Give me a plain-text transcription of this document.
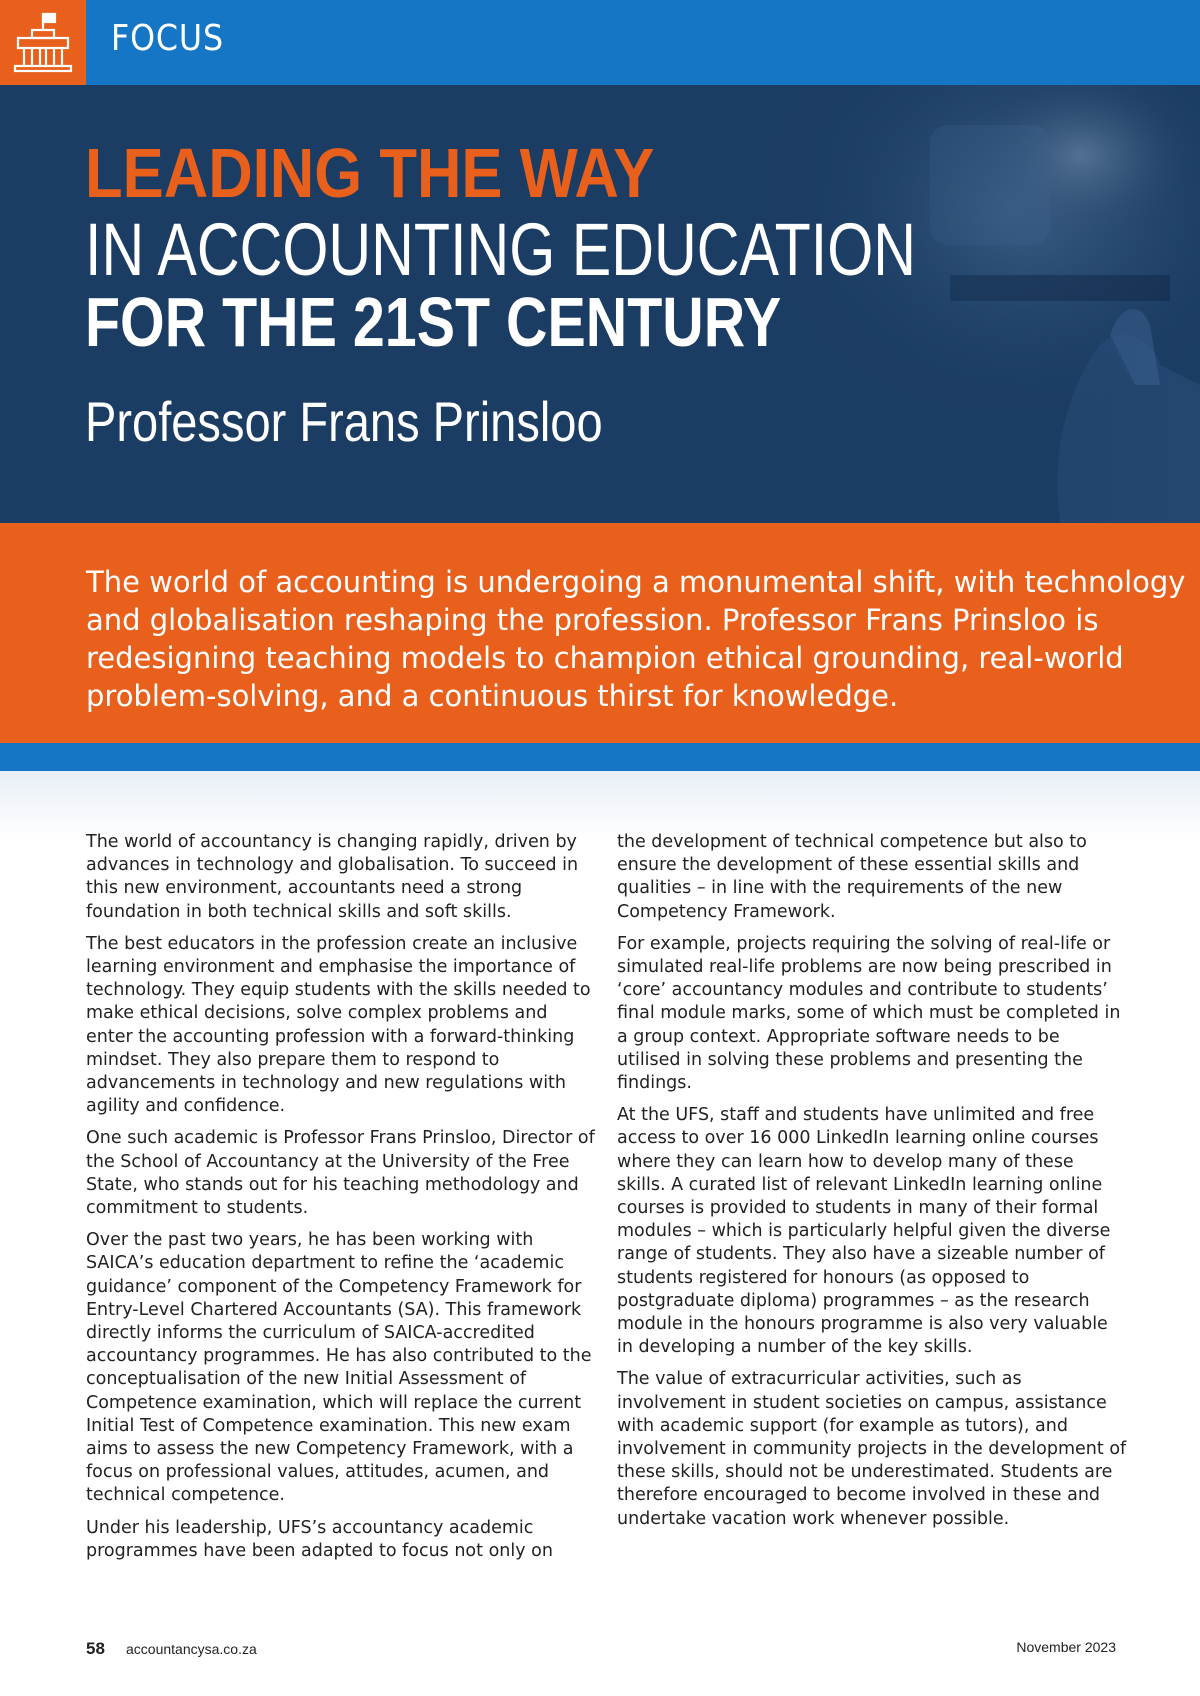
FOCUS
LEADING THE WAY
IN ACCOUNTING EDUCATION
FOR THE 21ST CENTURY
Professor Frans Prinsloo
The world of accounting is undergoing a monumental shift, with technology and globalisation reshaping the profession. Professor Frans Prinsloo is redesigning teaching models to champion ethical grounding, real-world problem-solving, and a continuous thirst for knowledge.

The world of accountancy is changing rapidly, driven by advances in technology and globalisation. To succeed in this new environment, accountants need a strong foundation in both technical skills and soft skills.

The best educators in the profession create an inclusive learning environment and emphasise the importance of technology. They equip students with the skills needed to make ethical decisions, solve complex problems and enter the accounting profession with a forward-thinking mindset. They also prepare them to respond to advancements in technology and new regulations with agility and confidence.

One such academic is Professor Frans Prinsloo, Director of the School of Accountancy at the University of the Free State, who stands out for his teaching methodology and commitment to students.

Over the past two years, he has been working with SAICA’s education department to refine the ‘academic guidance’ component of the Competency Framework for Entry-Level Chartered Accountants (SA). This framework directly informs the curriculum of SAICA-accredited accountancy programmes. He has also contributed to the conceptualisation of the new Initial Assessment of Competence examination, which will replace the current Initial Test of Competence examination. This new exam aims to assess the new Competency Framework, with a focus on professional values, attitudes, acumen, and technical competence.

Under his leadership, UFS’s accountancy academic programmes have been adapted to focus not only on

the development of technical competence but also to ensure the development of these essential skills and qualities – in line with the requirements of the new Competency Framework.

For example, projects requiring the solving of real-life or simulated real-life problems are now being prescribed in ‘core’ accountancy modules and contribute to students’ final module marks, some of which must be completed in a group context. Appropriate software needs to be utilised in solving these problems and presenting the findings.

At the UFS, staff and students have unlimited and free access to over 16 000 LinkedIn learning online courses where they can learn how to develop many of these skills. A curated list of relevant LinkedIn learning online courses is provided to students in many of their formal modules – which is particularly helpful given the diverse range of students. They also have a sizeable number of students registered for honours (as opposed to postgraduate diploma) programmes – as the research module in the honours programme is also very valuable in developing a number of the key skills.

The value of extracurricular activities, such as involvement in student societies on campus, assistance with academic support (for example as tutors), and involvement in community projects in the development of these skills, should not be underestimated. Students are therefore encouraged to become involved in these and undertake vacation work whenever possible.

58 accountancysa.co.za	November 2023
